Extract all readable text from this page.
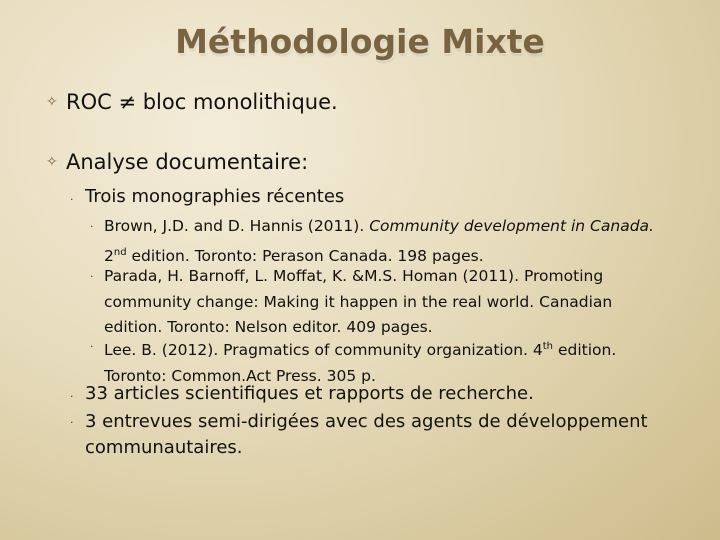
Méthodologie Mixte
✧ ROC ≠ bloc monolithique.
✧ Analyse documentaire:
· Trois monographies récentes
· Brown, J.D. and D. Hannis (2011). Community development in Canada.
2nd edition. Toronto: Perason Canada. 198 pages.
· Parada, H. Barnoff, L. Moffat, K. &M.S. Homan (2011). Promoting
community change: Making it happen in the real world. Canadian
edition. Toronto: Nelson editor. 409 pages.
· Lee. B. (2012). Pragmatics of community organization. 4th edition.
Toronto: Common.Act Press. 305 p.
· 33 articles scientifiques et rapports de recherche.
· 3 entrevues semi-dirigées avec des agents de développement
communautaires.
